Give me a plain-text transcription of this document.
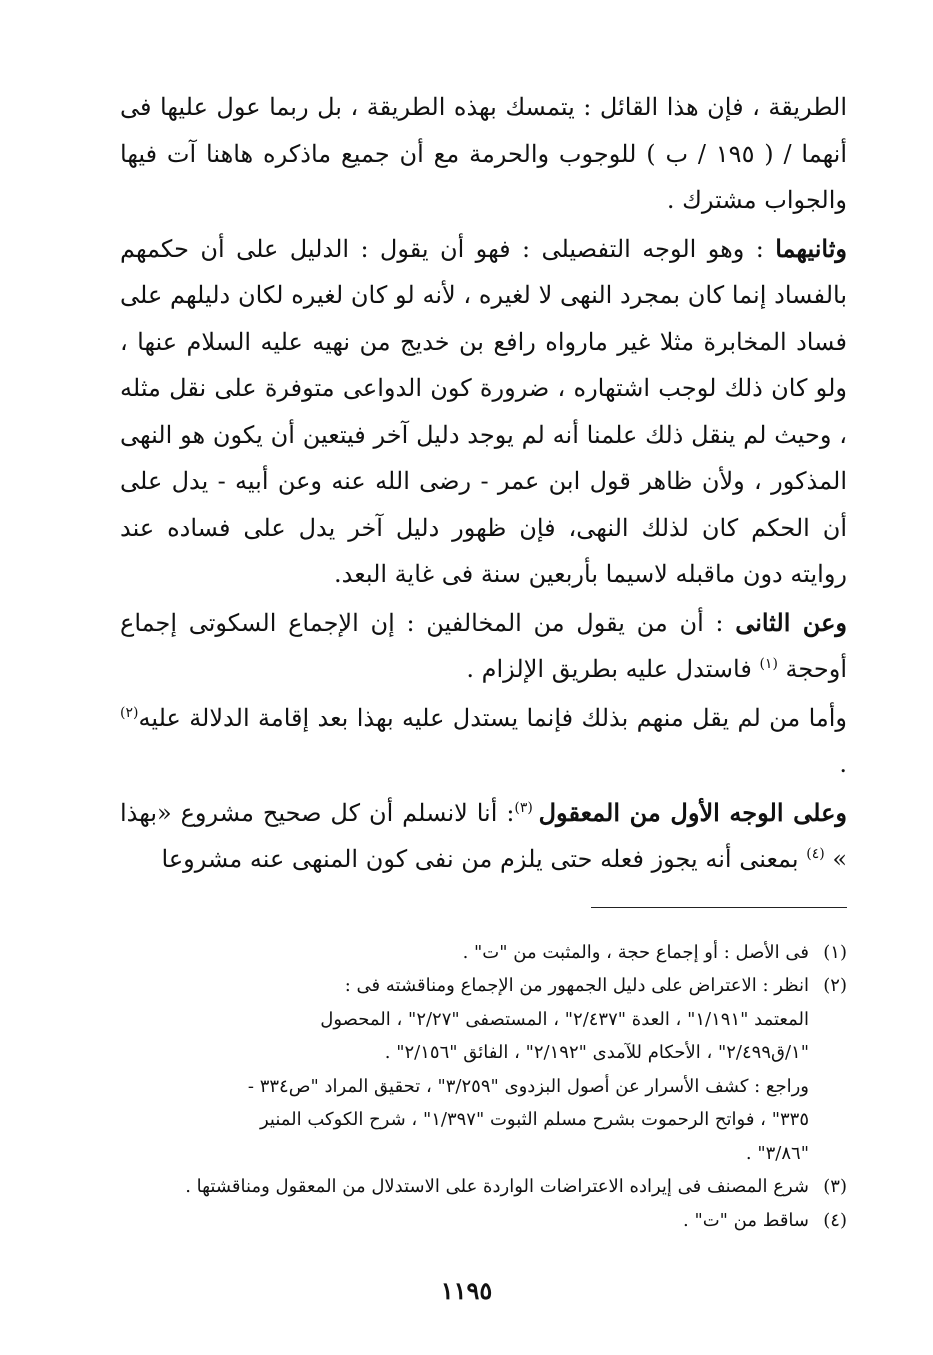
الطريقة ، فإن هذا القائل : يتمسك بهذه الطريقة ، بل ربما عول عليها فى أنهما / ( ١٩٥ / ب ) للوجوب والحرمة مع أن جميع ماذكره هاهنا آت فيها والجواب مشترك .

وثانيهما : وهو الوجه التفصيلى : فهو أن يقول : الدليل على أن حكمهم بالفساد إنما كان بمجرد النهى لا لغيره ، لأنه لو كان لغيره لكان دليلهم على فساد المخابرة مثلا غير مارواه رافع بن خديج من نهيه عليه السلام عنها ، ولو كان ذلك لوجب اشتهاره ، ضرورة كون الدواعى متوفرة على نقل مثله ، وحيث لم ينقل ذلك علمنا أنه لم يوجد دليل آخر فيتعين أن يكون هو النهى المذكور ، ولأن ظاهر قول ابن عمر - رضى الله عنه وعن أبيه - يدل على أن الحكم كان لذلك النهى، فإن ظهور دليل آخر يدل على فساده عند روايته دون ماقبله لاسيما بأربعين سنة فى غاية البعد.

وعن الثانى : أن من يقول من المخالفين : إن الإجماع السكوتى إجماع أوحجة $^{(١)}$ فاستدل عليه بطريق الإلزام .

وأما من لم يقل منهم بذلك فإنما يستدل عليه بهذا بعد إقامة الدلالة عليه$^{(٢)}$ .

وعلى الوجه الأول من المعقول $^{(٣)}$: أنا لانسلم أن كل صحيح مشروع «بهذا » $^{(٤)}$ بمعنى أنه يجوز فعله حتى يلزم من نفى كون المنهى عنه مشروعا

(١)
فى الأصل : أو إجماع حجة ، والمثبت من "ت" .
(٢)
انظر : الاعتراض على دليل الجمهور من الإجماع ومناقشته فى :
المعتمد "١/١٩١" ، العدة "٢/٤٣٧" ، المستصفى "٢/٢٧" ، المحصول
"١/ق٢/٤٩٩" ، الأحكام للآمدى "٢/١٩٢" ، الفائق "٢/١٥٦" .
وراجع : كشف الأسرار عن أصول البزدوى "٣/٢٥٩" ، تحقيق المراد "ص٣٣٤ -
٣٣٥" ، فواتح الرحموت بشرح مسلم الثبوت "١/٣٩٧" ، شرح الكوكب المنير
"٣/٨٦" .
(٣)
شرع المصنف فى إيراده الاعتراضات الواردة على الاستدلال من المعقول ومناقشتها .
(٤)
ساقط من "ت" .
١١٩٥
